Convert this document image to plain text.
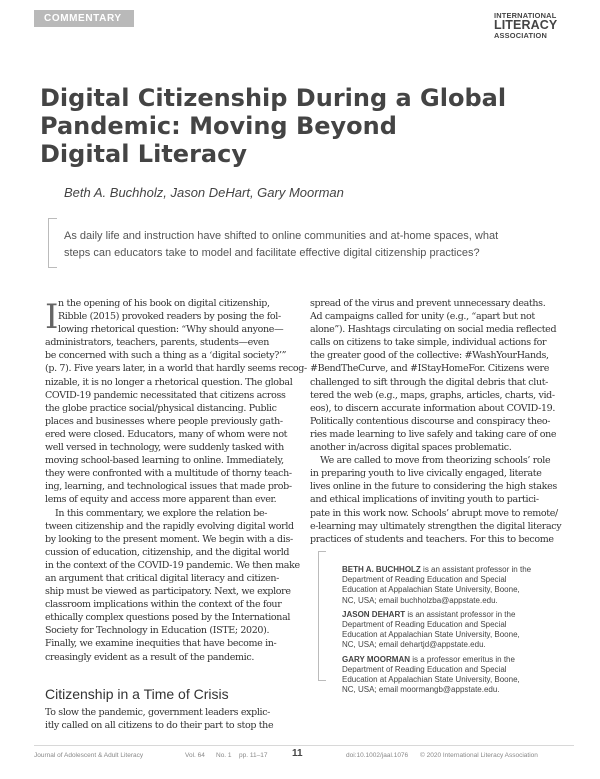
COMMENTARY	INTERNATIONAL
LITERACY
ASSOCIATION
Digital Citizenship During a Global
Pandemic: Moving Beyond
Digital Literacy
Beth A. Buchholz, Jason DeHart, Gary Moorman

As daily life and instruction have shifted to online communities and at-home spaces, what
steps can educators take to model and facilitate effective digital citizenship practices?

I n the opening of his book on digital citizenship,
Ribble (2015) provoked readers by posing the fol-
lowing rhetorical question: “Why should anyone—
administrators, teachers, parents, students—even
be concerned with such a thing as a ‘digital society?’”
(p. 7). Five years later, in a world that hardly seems recog-
nizable, it is no longer a rhetorical question. The global
COVID-19 pandemic necessitated that citizens across
the globe practice social/physical distancing. Public
places and businesses where people previously gath-
ered were closed. Educators, many of whom were not
well versed in technology, were suddenly tasked with
moving school-based learning to online. Immediately,
they were confronted with a multitude of thorny teach-
ing, learning, and technological issues that made prob-
lems of equity and access more apparent than ever.
In this commentary, we explore the relation be-
tween citizenship and the rapidly evolving digital world
by looking to the present moment. We begin with a dis-
cussion of education, citizenship, and the digital world
in the context of the COVID-19 pandemic. We then make
an argument that critical digital literacy and citizen-
ship must be viewed as participatory. Next, we explore
classroom implications within the context of the four
ethically complex questions posed by the International
Society for Technology in Education (ISTE; 2020).
Finally, we examine inequities that have become in-
creasingly evident as a result of the pandemic.
Citizenship in a Time of Crisis
To slow the pandemic, government leaders explic-
itly called on all citizens to do their part to stop the
spread of the virus and prevent unnecessary deaths.
Ad campaigns called for unity (e.g., “apart but not
alone”). Hashtags circulating on social media reflected
calls on citizens to take simple, individual actions for
the greater good of the collective: #WashYourHands,
#BendTheCurve, and #IStayHomeFor. Citizens were
challenged to sift through the digital debris that clut-
tered the web (e.g., maps, graphs, articles, charts, vid-
eos), to discern accurate information about COVID-19.
Politically contentious discourse and conspiracy theo-
ries made learning to live safely and taking care of one
another in/across digital spaces problematic.
We are called to move from theorizing schools’ role
in preparing youth to live civically engaged, literate
lives online in the future to considering the high stakes
and ethical implications of inviting youth to partici-
pate in this work now. Schools’ abrupt move to remote/
e-learning may ultimately strengthen the digital literacy
practices of students and teachers. For this to become
BETH A. BUCHHOLZ is an assistant professor in the
Department of Reading Education and Special
Education at Appalachian State University, Boone,
NC, USA; email buchholzba@appstate.edu.
JASON DEHART is an assistant professor in the
Department of Reading Education and Special
Education at Appalachian State University, Boone,
NC, USA; email dehartjd@appstate.edu.
GARY MOORMAN is a professor emeritus in the
Department of Reading Education and Special
Education at Appalachian State University, Boone,
NC, USA; email moormangb@appstate.edu.
Journal of Adolescent & Adult Literacy	Vol. 64 No. 1 pp. 11–17 11	doi:10.1002/jaal.1076 © 2020 International Literacy Association
